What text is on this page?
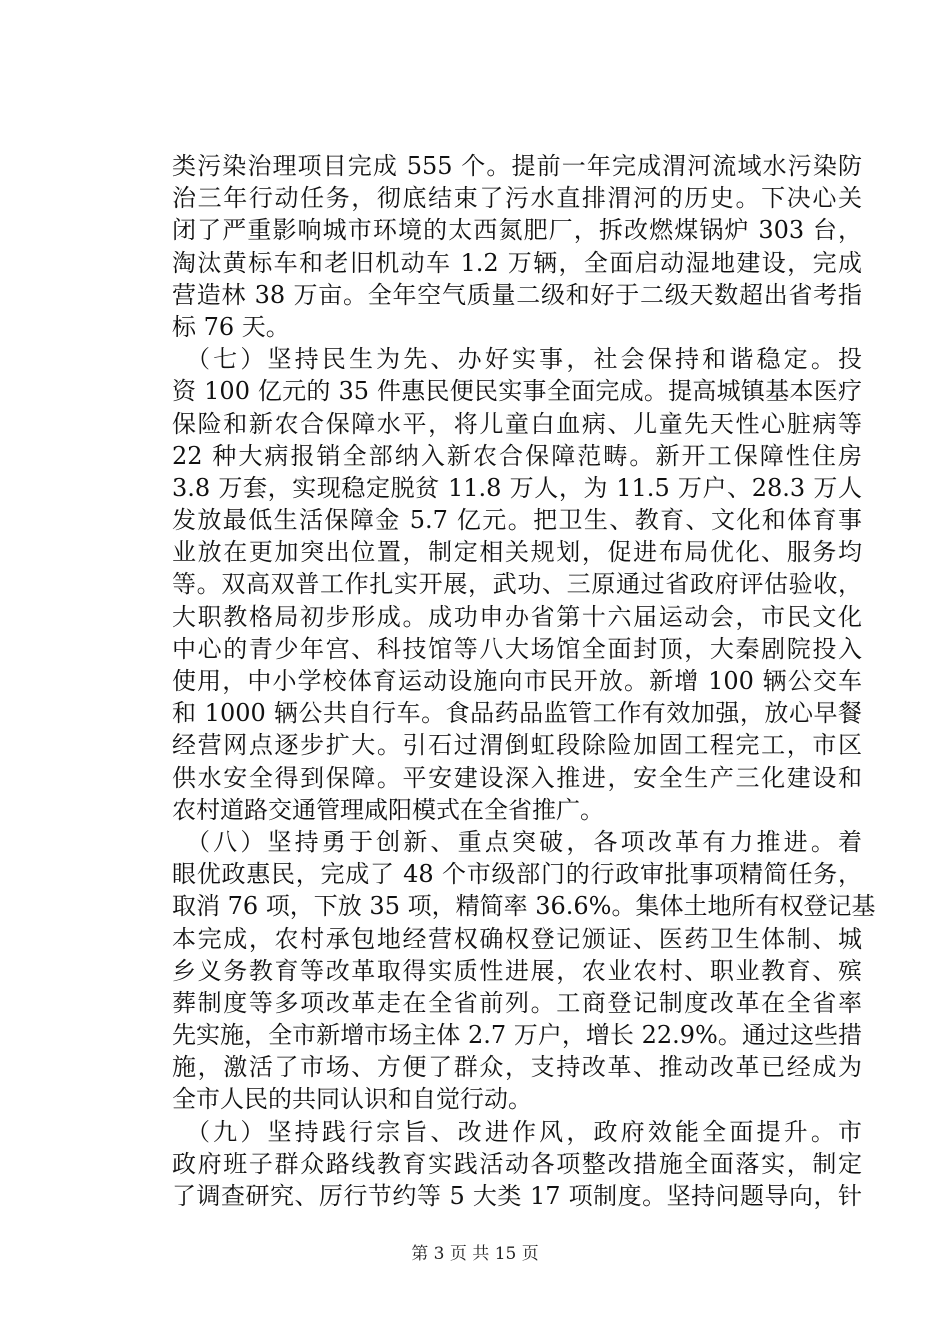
类污染治理项目完成 555 个。提前一年完成渭河流域水污染防
治三年行动任务，彻底结束了污水直排渭河的历史。下决心关
闭了严重影响城市环境的太西氮肥厂，拆改燃煤锅炉 303 台，
淘汰黄标车和老旧机动车 1.2 万辆，全面启动湿地建设，完成
营造林 38 万亩。全年空气质量二级和好于二级天数超出省考指
标 76 天。
（七）坚持民生为先、办好实事，社会保持和谐稳定。投
资 100 亿元的 35 件惠民便民实事全面完成。提高城镇基本医疗
保险和新农合保障水平，将儿童白血病、儿童先天性心脏病等
22 种大病报销全部纳入新农合保障范畴。新开工保障性住房
3.8 万套，实现稳定脱贫 11.8 万人，为 11.5 万户、28.3 万人
发放最低生活保障金 5.7 亿元。把卫生、教育、文化和体育事
业放在更加突出位置，制定相关规划，促进布局优化、服务均
等。双高双普工作扎实开展，武功、三原通过省政府评估验收，
大职教格局初步形成。成功申办省第十六届运动会，市民文化
中心的青少年宫、科技馆等八大场馆全面封顶，大秦剧院投入
使用，中小学校体育运动设施向市民开放。新增 100 辆公交车
和 1000 辆公共自行车。食品药品监管工作有效加强，放心早餐
经营网点逐步扩大。引石过渭倒虹段除险加固工程完工，市区
供水安全得到保障。平安建设深入推进，安全生产三化建设和
农村道路交通管理咸阳模式在全省推广。
（八）坚持勇于创新、重点突破，各项改革有力推进。着
眼优政惠民，完成了 48 个市级部门的行政审批事项精简任务，
取消 76 项，下放 35 项，精简率 36.6%。集体土地所有权登记基
本完成，农村承包地经营权确权登记颁证、医药卫生体制、城
乡义务教育等改革取得实质性进展，农业农村、职业教育、殡
葬制度等多项改革走在全省前列。工商登记制度改革在全省率
先实施，全市新增市场主体 2.7 万户，增长 22.9%。通过这些措
施，激活了市场、方便了群众，支持改革、推动改革已经成为
全市人民的共同认识和自觉行动。
（九）坚持践行宗旨、改进作风，政府效能全面提升。市
政府班子群众路线教育实践活动各项整改措施全面落实，制定
了调查研究、厉行节约等 5 大类 17 项制度。坚持问题导向，针
第 3 页 共 15 页
